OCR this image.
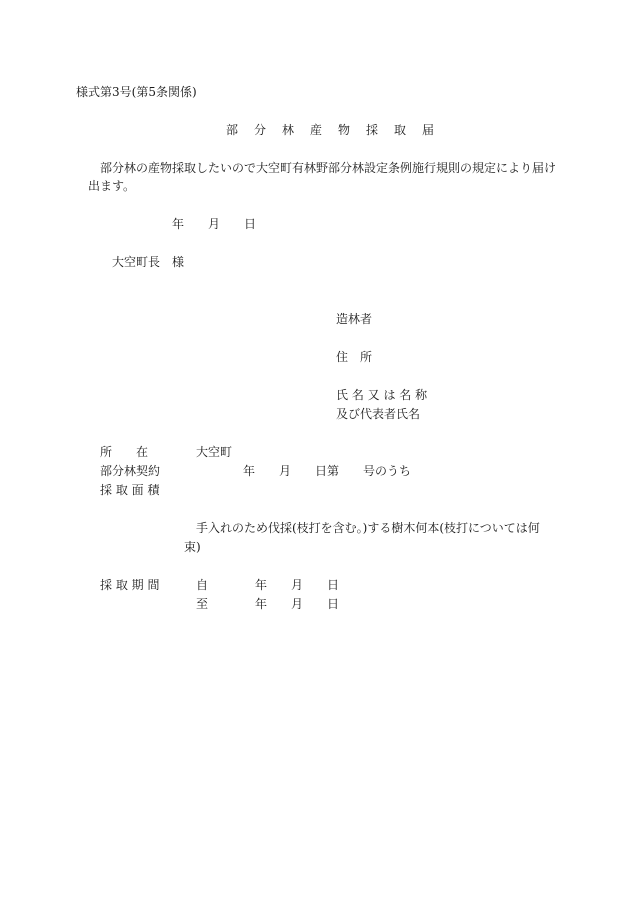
様式第3号(第5条関係)

部　分　林　産　物　採　取　届

部分林の産物採取したいので大空町有林野部分林設定条例施行規則の規定により届け

出ます。

年　　月　　日

大空町長　様

造林者

住　所

氏 名 又 は 名 称

及び代表者氏名

所　　在	大空町

部分林契約	年　　月　　日第　　号のうち

採 取 面 積

手入れのため伐採(枝打を含む。)する樹木何本(枝打については何

束)

採 取 期 間	自	年　　月　　日

至	年　　月　　日
